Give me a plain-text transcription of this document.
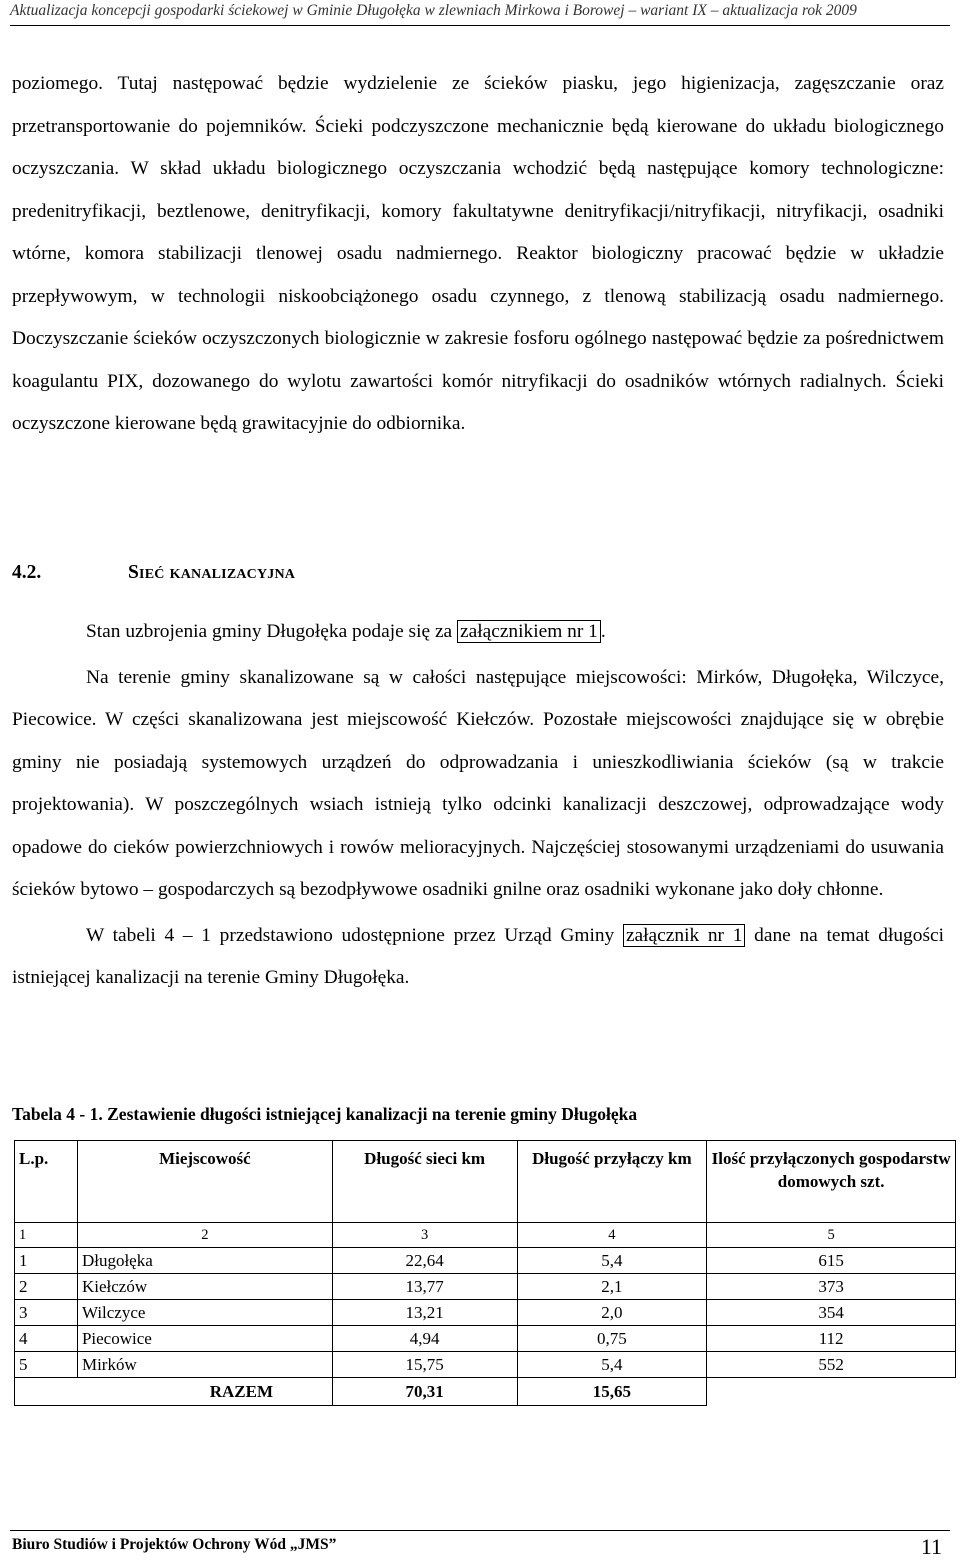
Aktualizacja koncepcji gospodarki ściekowej w Gminie Długołęka w zlewniach Mirkowa i Borowej – wariant IX – aktualizacja rok 2009

poziomego. Tutaj następować będzie wydzielenie ze ścieków piasku, jego higienizacja, zagęszczanie oraz przetransportowanie do pojemników. Ścieki podczyszczone mechanicznie będą kierowane do układu biologicznego oczyszczania. W skład układu biologicznego oczyszczania wchodzić będą następujące komory technologiczne: predenitryfikacji, beztlenowe, denitryfikacji, komory fakultatywne denitryfikacji/nitryfikacji, nitryfikacji, osadniki wtórne, komora stabilizacji tlenowej osadu nadmiernego. Reaktor biologiczny pracować będzie w układzie przepływowym, w technologii niskoobciążonego osadu czynnego, z tlenową stabilizacją osadu nadmiernego. Doczyszczanie ścieków oczyszczonych biologicznie w zakresie fosforu ogólnego następować będzie za pośrednictwem koagulantu PIX, dozowanego do wylotu zawartości komór nitryfikacji do osadników wtórnych radialnych. Ścieki oczyszczone kierowane będą grawitacyjnie do odbiornika.

4.2.	Sieć kanalizacyjna

Stan uzbrojenia gminy Długołęka podaje się za załącznikiem nr 1 .

Na terenie gminy skanalizowane są w całości następujące miejscowości: Mirków, Długołęka, Wilczyce, Piecowice. W części skanalizowana jest miejscowość Kiełczów. Pozostałe miejscowości znajdujące się w obrębie gminy nie posiadają systemowych urządzeń do odprowadzania i unieszkodliwiania ścieków (są w trakcie projektowania). W poszczególnych wsiach istnieją tylko odcinki kanalizacji deszczowej, odprowadzające wody opadowe do cieków powierzchniowych i rowów melioracyjnych. Najczęściej stosowanymi urządzeniami do usuwania ścieków bytowo – gospodarczych są bezodpływowe osadniki gnilne oraz osadniki wykonane jako doły chłonne.

W tabeli 4 – 1 przedstawiono udostępnione przez Urząd Gminy załącznik nr 1 dane na temat długości istniejącej kanalizacji na terenie Gminy Długołęka.

Tabela 4 - 1. Zestawienie długości istniejącej kanalizacji na terenie gminy Długołęka
L.p.	Miejscowość	Długość sieci km	Długość przyłączy km	Ilość przyłączonych gospodarstw domowych szt.
1	2	3	4	5
1	Długołęka	22,64	5,4	615
2	Kiełczów	13,77	2,1	373
3	Wilczyce	13,21	2,0	354
4	Piecowice	4,94	0,75	112
5	Mirków	15,75	5,4	552
RAZEM		70,31	15,65	
Biuro Studiów i Projektów Ochrony Wód „JMS”	11
